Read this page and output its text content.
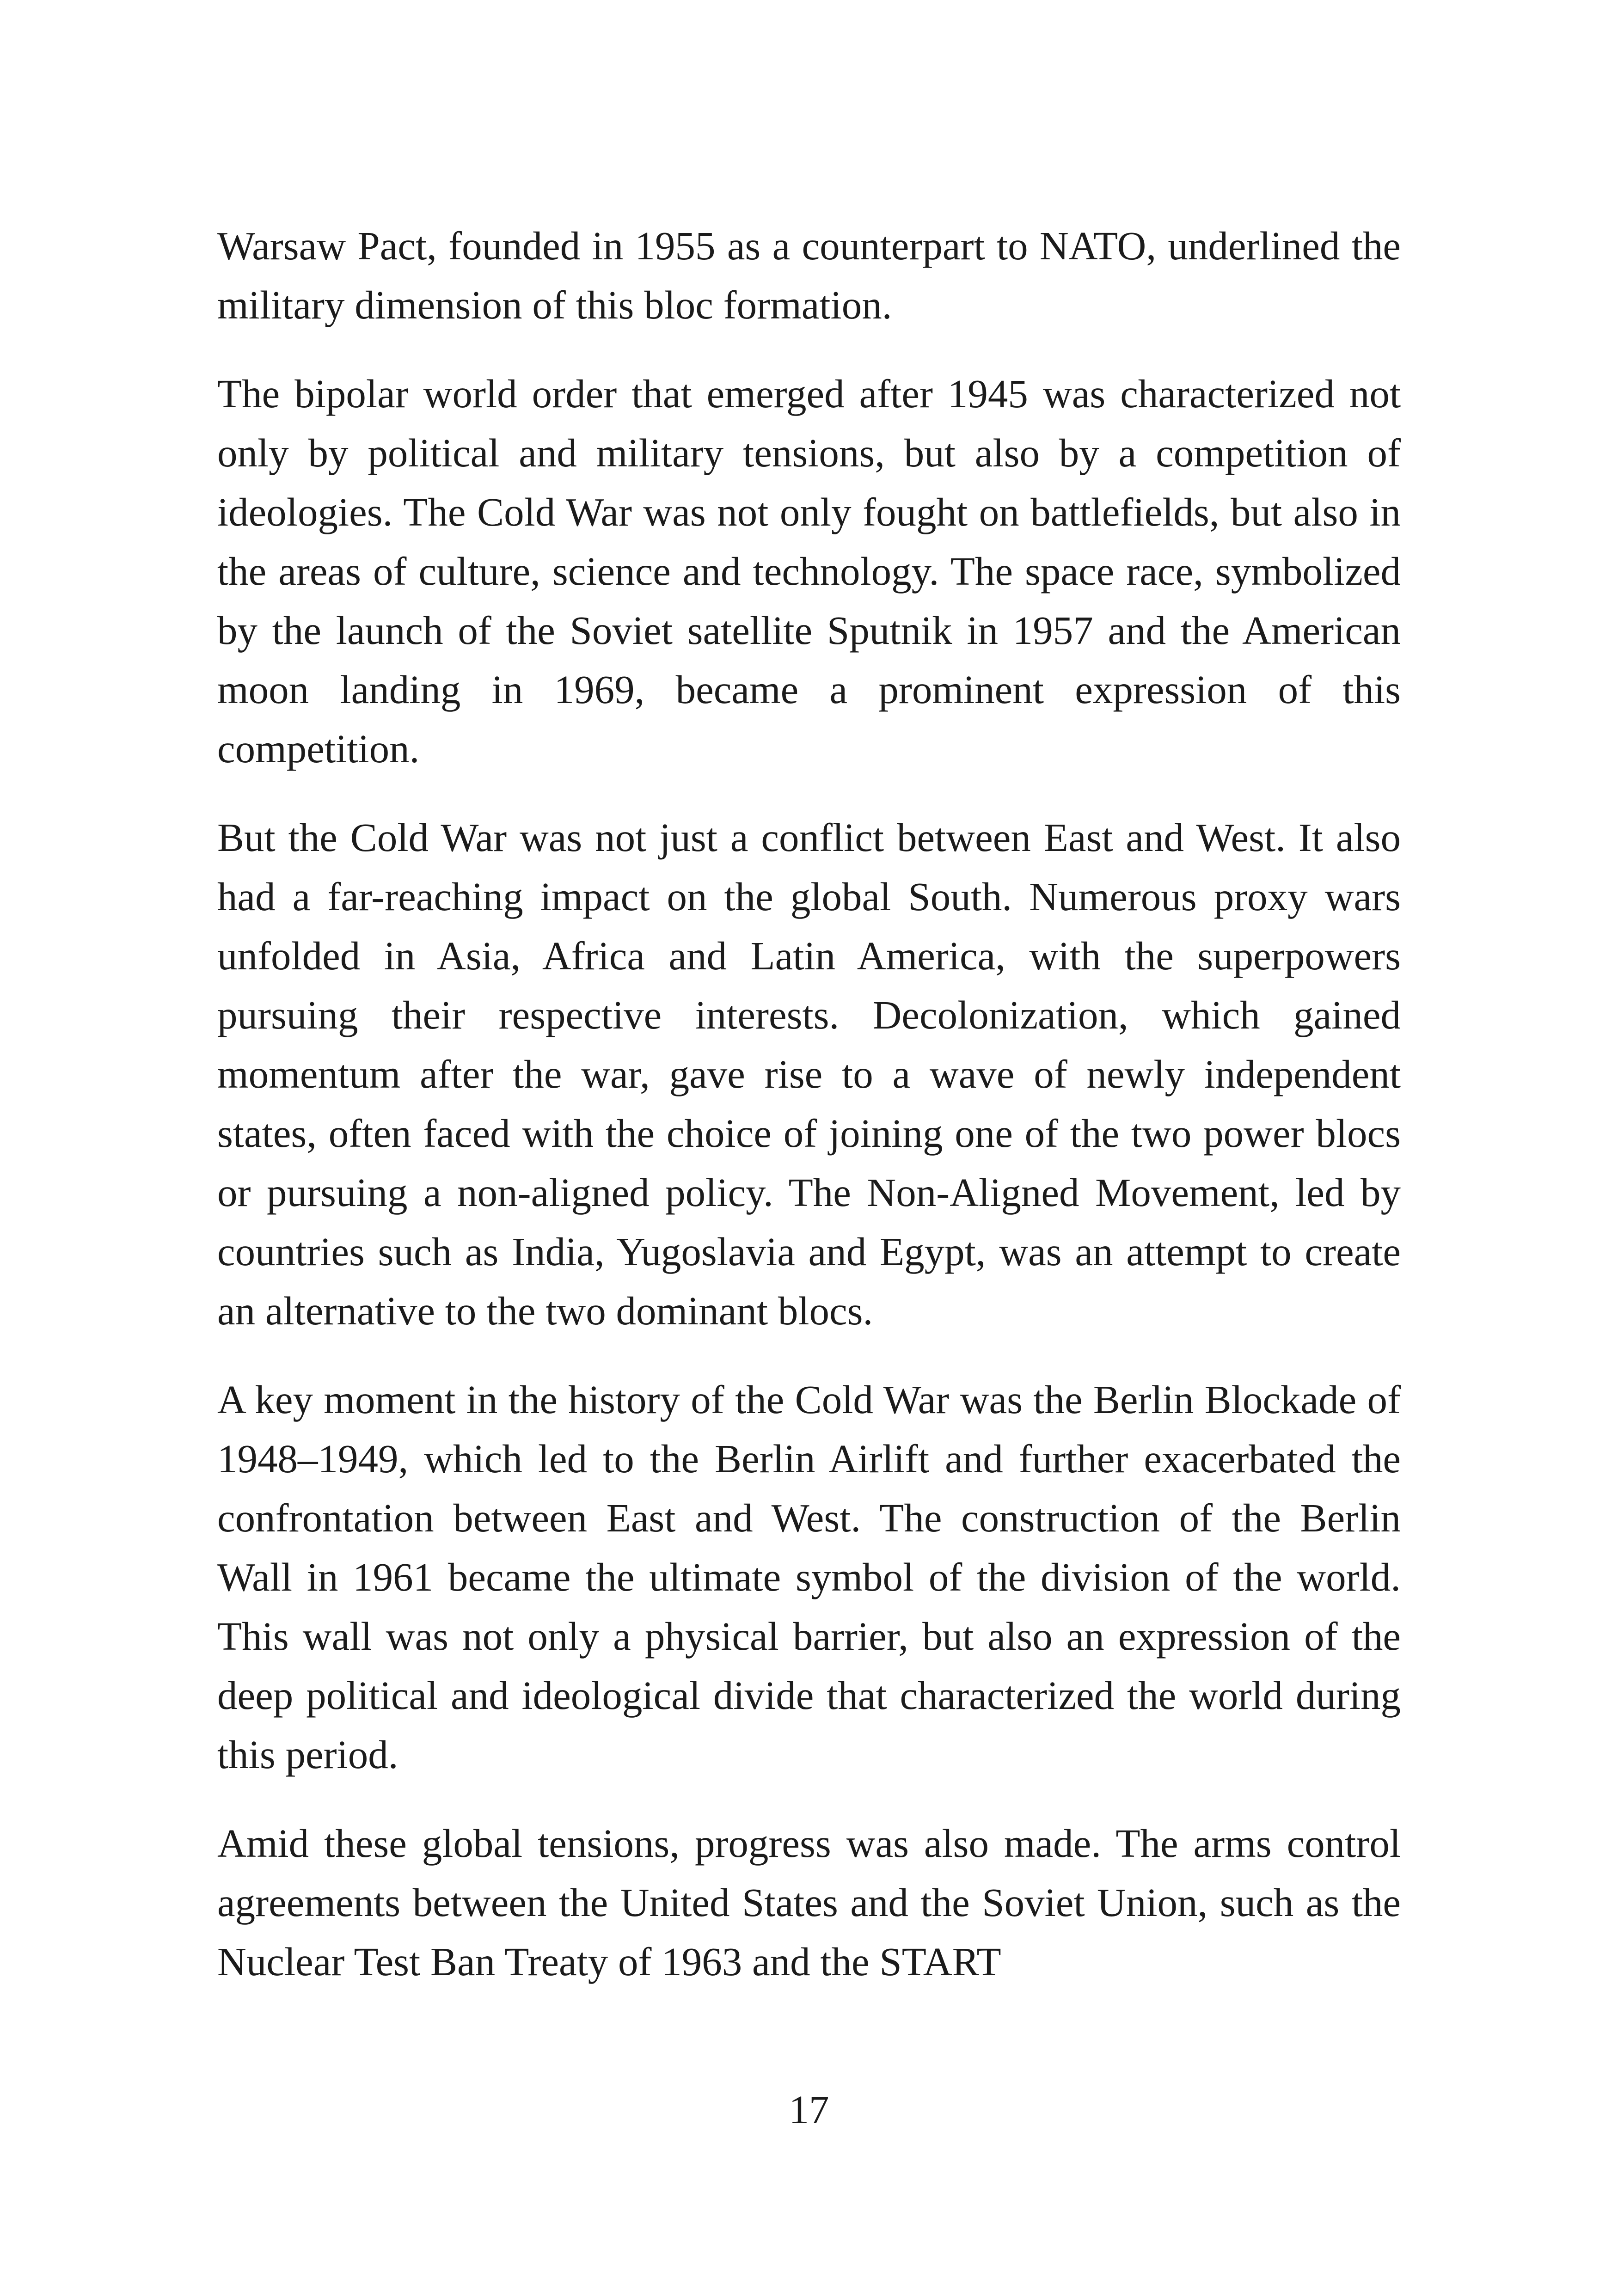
Warsaw Pact, founded in 1955 as a counterpart to NATO, underlined the military dimension of this bloc formation.

The bipolar world order that emerged after 1945 was characterized not only by political and military tensions, but also by a competition of ideologies. The Cold War was not only fought on battlefields, but also in the areas of culture, science and technology. The space race, symbolized by the launch of the Soviet satellite Sputnik in 1957 and the American moon landing in 1969, became a prominent expression of this competition.

But the Cold War was not just a conflict between East and West. It also had a far-reaching impact on the global South. Numerous proxy wars unfolded in Asia, Africa and Latin America, with the superpowers pursuing their respective interests. Decolonization, which gained momentum after the war, gave rise to a wave of newly independent states, often faced with the choice of joining one of the two power blocs or pursuing a non-aligned policy. The Non-Aligned Movement, led by countries such as India, Yugoslavia and Egypt, was an attempt to create an alternative to the two dominant blocs.

A key moment in the history of the Cold War was the Berlin Blockade of 1948–1949, which led to the Berlin Airlift and further exacerbated the confrontation between East and West. The construction of the Berlin Wall in 1961 became the ultimate symbol of the division of the world. This wall was not only a physical barrier, but also an expression of the deep political and ideological divide that characterized the world during this period.

Amid these global tensions, progress was also made. The arms control agreements between the United States and the Soviet Union, such as the Nuclear Test Ban Treaty of 1963 and the START

17
